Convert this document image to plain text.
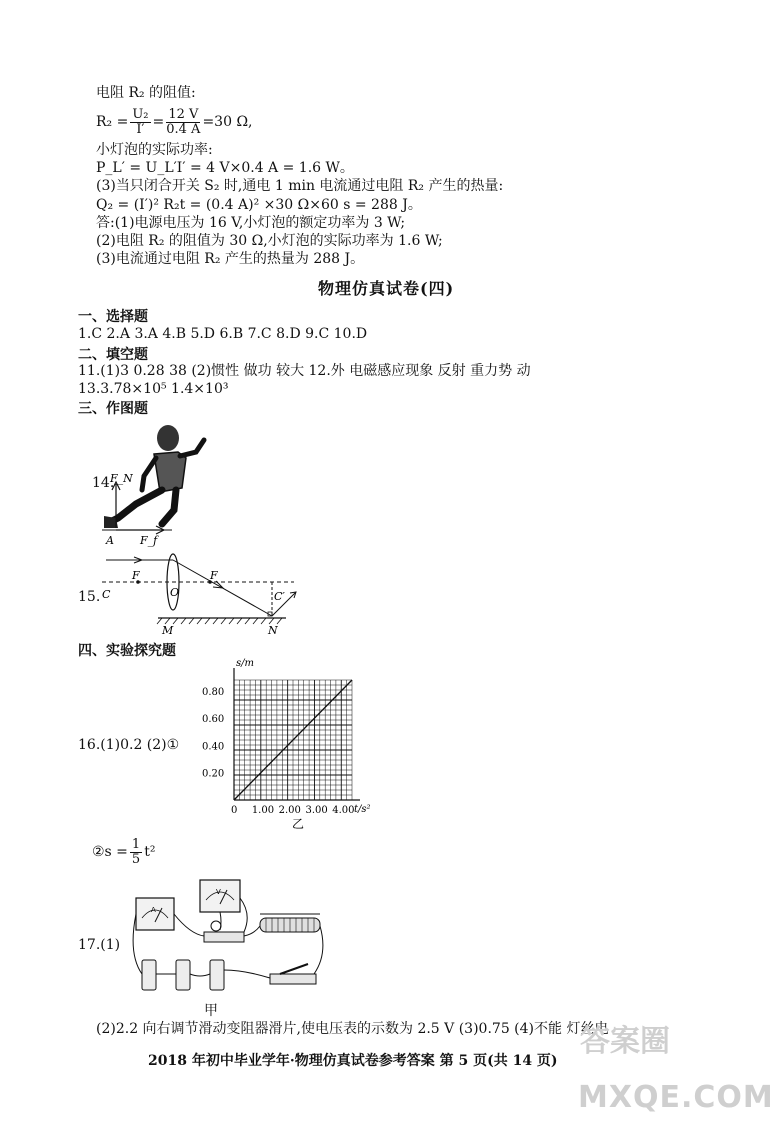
电阻 R₂ 的阻值:
$R_2 = \frac{\text{U₂}}{I'} = \frac{12 V}{0.4 A} =30$ Ω,
小灯泡的实际功率:
P_L′ = U_L′I′ = 4 V×0.4 A = 1.6 W。
(3)当只闭合开关 S₂ 时,通电 1 min 电流通过电阻 R₂ 产生的热量:
Q₂ = (I′)² R₂t = (0.4 A)² ×30 Ω×60 s = 288 J。
答:(1)电源电压为 16 V,小灯泡的额定功率为 3 W;
(2)电阻 R₂ 的阻值为 30 Ω,小灯泡的实际功率为 1.6 W;
(3)电流通过电阻 R₂ 产生的热量为 288 J。
物理仿真试卷(四)
一、选择题
1.C 2.A 3.A 4.B 5.D 6.B 7.C 8.D 9.C 10.D
二、填空题
11.(1)3 0.28 38 (2)惯性 做功 较大 12.外 电磁感应现象 反射 重力势 动
13.3.78×10⁵ 1.4×10³
三、作图题
14.
F_N
A F_f
15. C
F
O
F
C′
M	N
四、实验探究题
16.(1)0.2 (2)①
0 1.00 2.00 3.00 4.00
0.20
0.40
0.60
0.80
t/s²
s/m
乙
②s = $\frac{1}{5} t^2$
17.(1)
A
V
甲
(2)2.2 向右调节滑动变阻器滑片,使电压表的示数为 2.5 V (3)0.75 (4)不能 灯丝电
2018 年初中毕业学年·物理仿真试卷参考答案 第 5 页(共 14 页)
答案圈
MXQE.COM
